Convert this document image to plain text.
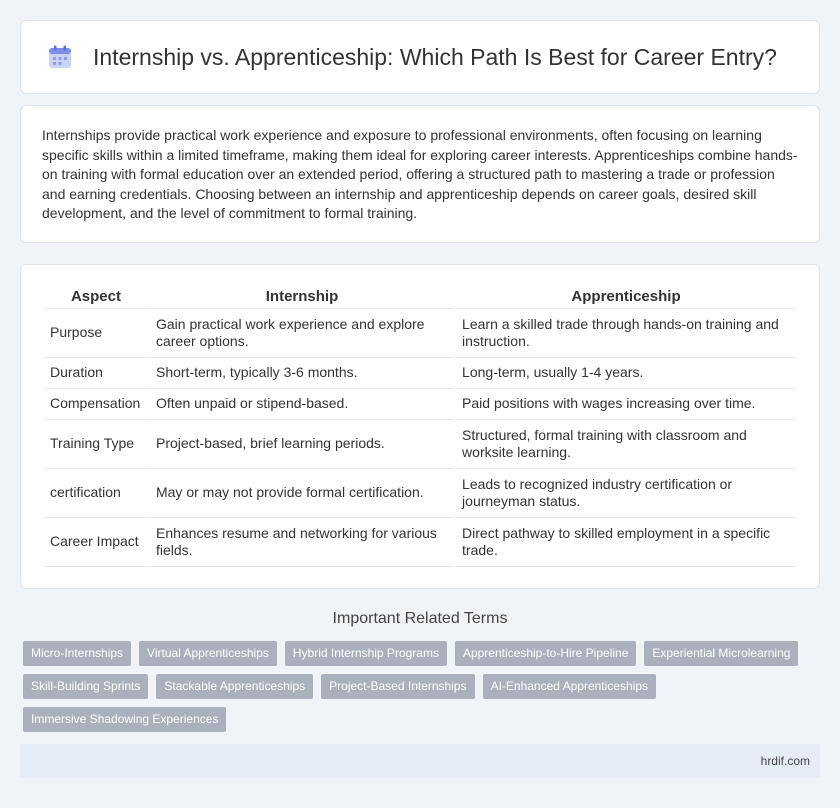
Internship vs. Apprenticeship: Which Path Is Best for Career Entry?

Internships provide practical work experience and exposure to professional environments, often focusing on learning specific skills within a limited timeframe, making them ideal for exploring career interests. Apprenticeships combine hands-on training with formal education over an extended period, offering a structured path to mastering a trade or profession and earning credentials. Choosing between an internship and apprenticeship depends on career goals, desired skill development, and the level of commitment to formal training.

Aspect	Internship	Apprenticeship
Purpose	Gain practical work experience and explore career options.	Learn a skilled trade through hands-on training and instruction.
Duration	Short-term, typically 3-6 months.	Long-term, usually 1-4 years.
Compensation	Often unpaid or stipend-based.	Paid positions with wages increasing over time.
Training Type	Project-based, brief learning periods.	Structured, formal training with classroom and worksite learning.
certification	May or may not provide formal certification.	Leads to recognized industry certification or journeyman status.
Career Impact	Enhances resume and networking for various fields.	Direct pathway to skilled employment in a specific trade.
Important Related Terms
Micro-Internships	Virtual Apprenticeships	Hybrid Internship Programs	Apprenticeship-to-Hire Pipeline	Experiential Microlearning
Skill-Building Sprints	Stackable Apprenticeships	Project-Based Internships	AI-Enhanced Apprenticeships
Immersive Shadowing Experiences
hrdif.com
